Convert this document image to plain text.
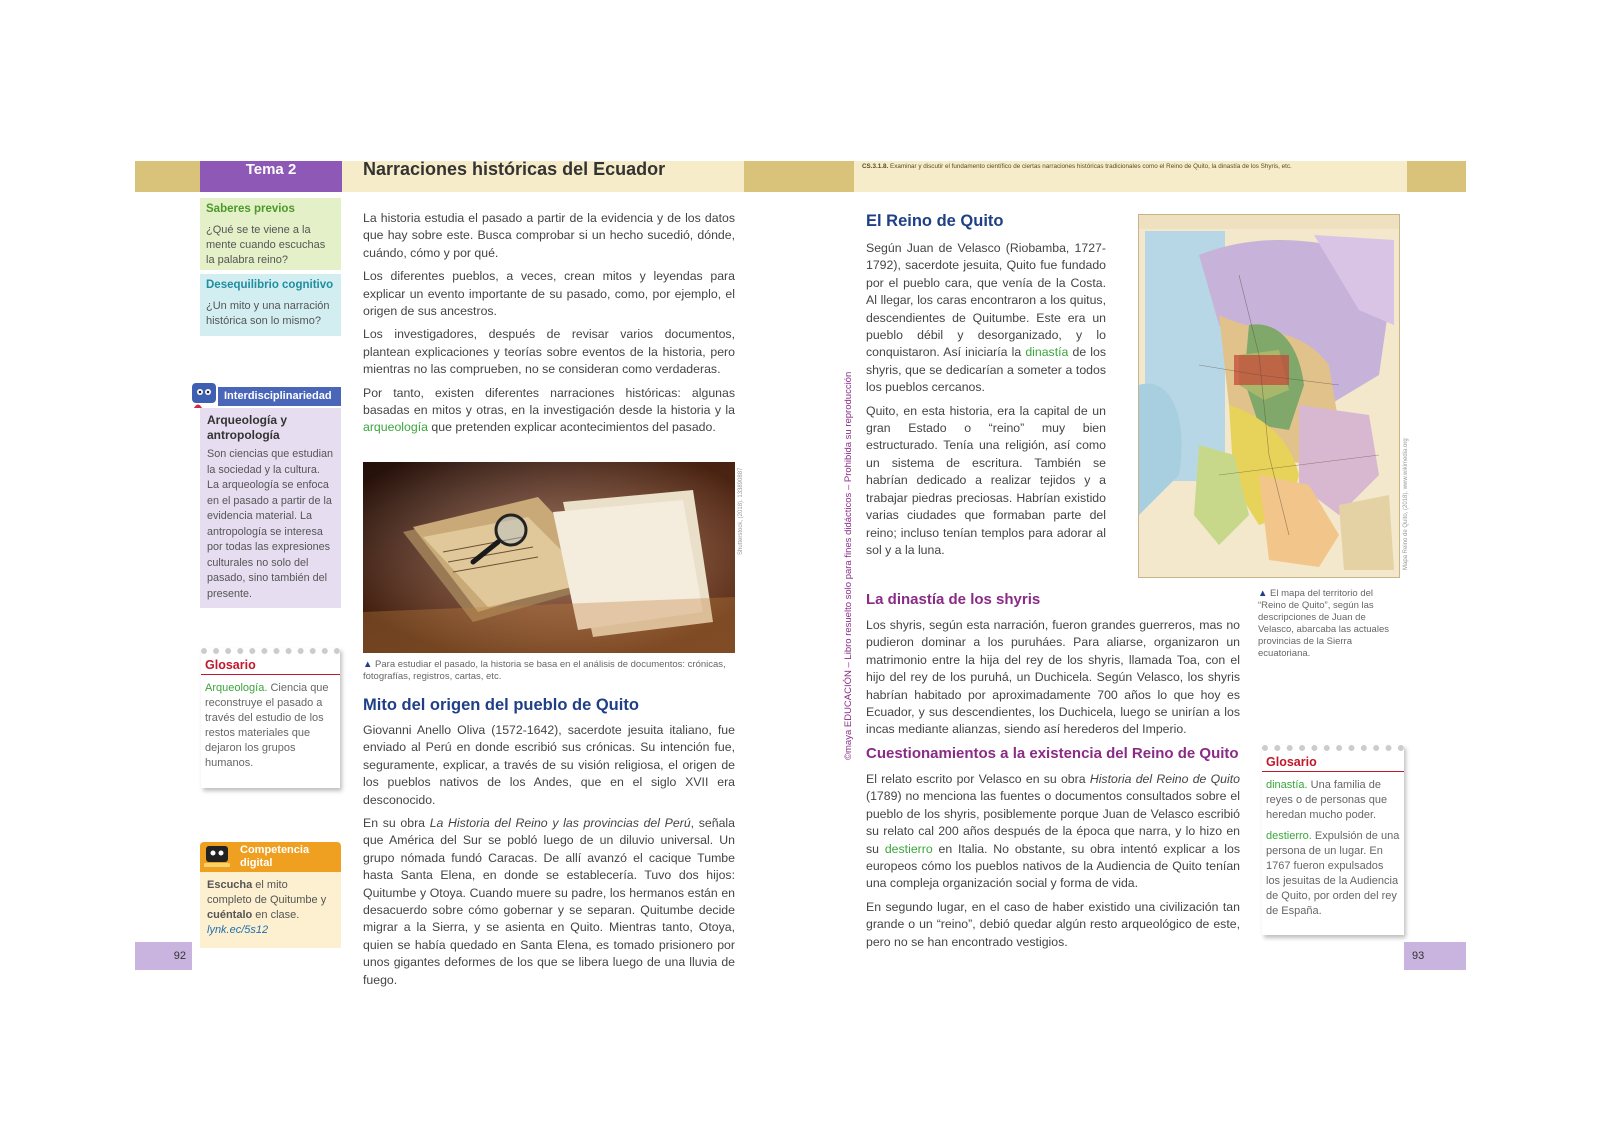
Tema 2	Narraciones históricas del Ecuador	CS.3.1.8. Examinar y discutir el fundamento científico de ciertas narraciones históricas tradicionales como el Reino de Quito, la dinastía de los Shyris, etc.
Saberes previos
¿Qué se te viene a la mente cuando escuchas la palabra reino?
Desequilibrio cognitivo
¿Un mito y una narración histórica son lo mismo?
Interdisciplinariedad
Arqueología y antropología
Son ciencias que estudian la sociedad y la cultura. La arqueología se enfoca en el pasado a partir de la evidencia material. La antropología se interesa por todas las expresiones culturales no solo del pasado, sino también del presente.
Glosario
Arqueología. Ciencia que reconstruye el pasado a través del estudio de los restos materiales que dejaron los grupos humanos.
Competencia digital
Escucha el mito completo de Quitumbe y cuéntalo en clase.
lynk.ec/5s12
92	93

La historia estudia el pasado a partir de la evidencia y de los datos que hay sobre este. Busca comprobar si un hecho sucedió, dónde, cuándo, cómo y por qué.

Los diferentes pueblos, a veces, crean mitos y leyendas para explicar un evento importante de su pasado, como, por ejemplo, el origen de sus ancestros.

Los investigadores, después de revisar varios documentos, plantean explicaciones y teorías sobre eventos de la historia, pero mientras no las comprueben, no se consideran como verdaderas.

Por tanto, existen diferentes narraciones históricas: algunas basadas en mitos y otras, en la investigación desde la historia y la arqueología que pretenden explicar acontecimientos del pasado.

Shutterstock, (2018). 133890887
▲ Para estudiar el pasado, la historia se basa en el análisis de documentos: crónicas, fotografías, registros, cartas, etc.
Mito del origen del pueblo de Quito

Giovanni Anello Oliva (1572-1642), sacerdote jesuita italiano, fue enviado al Perú en donde escribió sus crónicas. Su intención fue, seguramente, explicar, a través de su visión religiosa, el origen de los pueblos nativos de los Andes, que en el siglo XVII era desconocido.

En su obra La Historia del Reino y las provincias del Perú, señala que América del Sur se pobló luego de un diluvio universal. Un grupo nómada fundó Caracas. De allí avanzó el cacique Tumbe hasta Santa Elena, en donde se establecería. Tuvo dos hijos: Quitumbe y Otoya. Cuando muere su padre, los hermanos están en desacuerdo sobre cómo gobernar y se separan. Quitumbe decide migrar a la Sierra, y se asienta en Quito. Mientras tanto, Otoya, quien se había quedado en Santa Elena, es tomado prisionero por unos gigantes deformes de los que se libera luego de una lluvia de fuego.

©maya EDUCACIÓN – Libro resuelto solo para fines didácticos – Prohibida su reproducción
El Reino de Quito

Según Juan de Velasco (Riobamba, 1727-1792), sacerdote jesuita, Quito fue fundado por el pueblo cara, que venía de la Costa. Al llegar, los caras encontraron a los quitus, descendientes de Quitumbe. Este era un pueblo débil y desorganizado, y lo conquistaron. Así iniciaría la dinastía de los shyris, que se dedicarían a someter a todos los pueblos cercanos.

Quito, en esta historia, era la capital de un gran Estado o “reino” muy bien estructurado. Tenía una religión, así como un sistema de escritura. También se habrían dedicado a realizar tejidos y a trabajar piedras preciosas. Habrían existido varias ciudades que formaban parte del reino; incluso tenían templos para adorar al sol y a la luna.	Mapa Reino de Quito, (2018). www.wikimedia.org
▲ El mapa del territorio del “Reino de Quito”, según las descripciones de Juan de Velasco, abarcaba las actuales provincias de la Sierra ecuatoriana.
La dinastía de los shyris

Los shyris, según esta narración, fueron grandes guerreros, mas no pudieron dominar a los puruháes. Para aliarse, organizaron un matrimonio entre la hija del rey de los shyris, llamada Toa, con el hijo del rey de los puruhá, un Duchicela. Según Velasco, los shyris habrían habitado por aproximadamente 700 años lo que hoy es Ecuador, y sus descendientes, los Duchicela, luego se unirían a los incas mediante alianzas, siendo así herederos del Imperio.

Cuestionamientos a la existencia del Reino de Quito

El relato escrito por Velasco en su obra Historia del Reino de Quito (1789) no menciona las fuentes o documentos consultados sobre el pueblo de los shyris, posiblemente porque Juan de Velasco escribió su relato cal 200 años después de la época que narra, y lo hizo en su destierro en Italia. No obstante, su obra intentó explicar a los europeos cómo los pueblos nativos de la Audiencia de Quito tenían una compleja organización social y forma de vida.

En segundo lugar, en el caso de haber existido una civilización tan grande o un “reino”, debió quedar algún resto arqueológico de este, pero no se han encontrado vestigios.

Glosario
dinastía. Una familia de reyes o de personas que heredan mucho poder.
destierro. Expulsión de una persona de un lugar. En 1767 fueron expulsados los jesuitas de la Audiencia de Quito, por orden del rey de España.
